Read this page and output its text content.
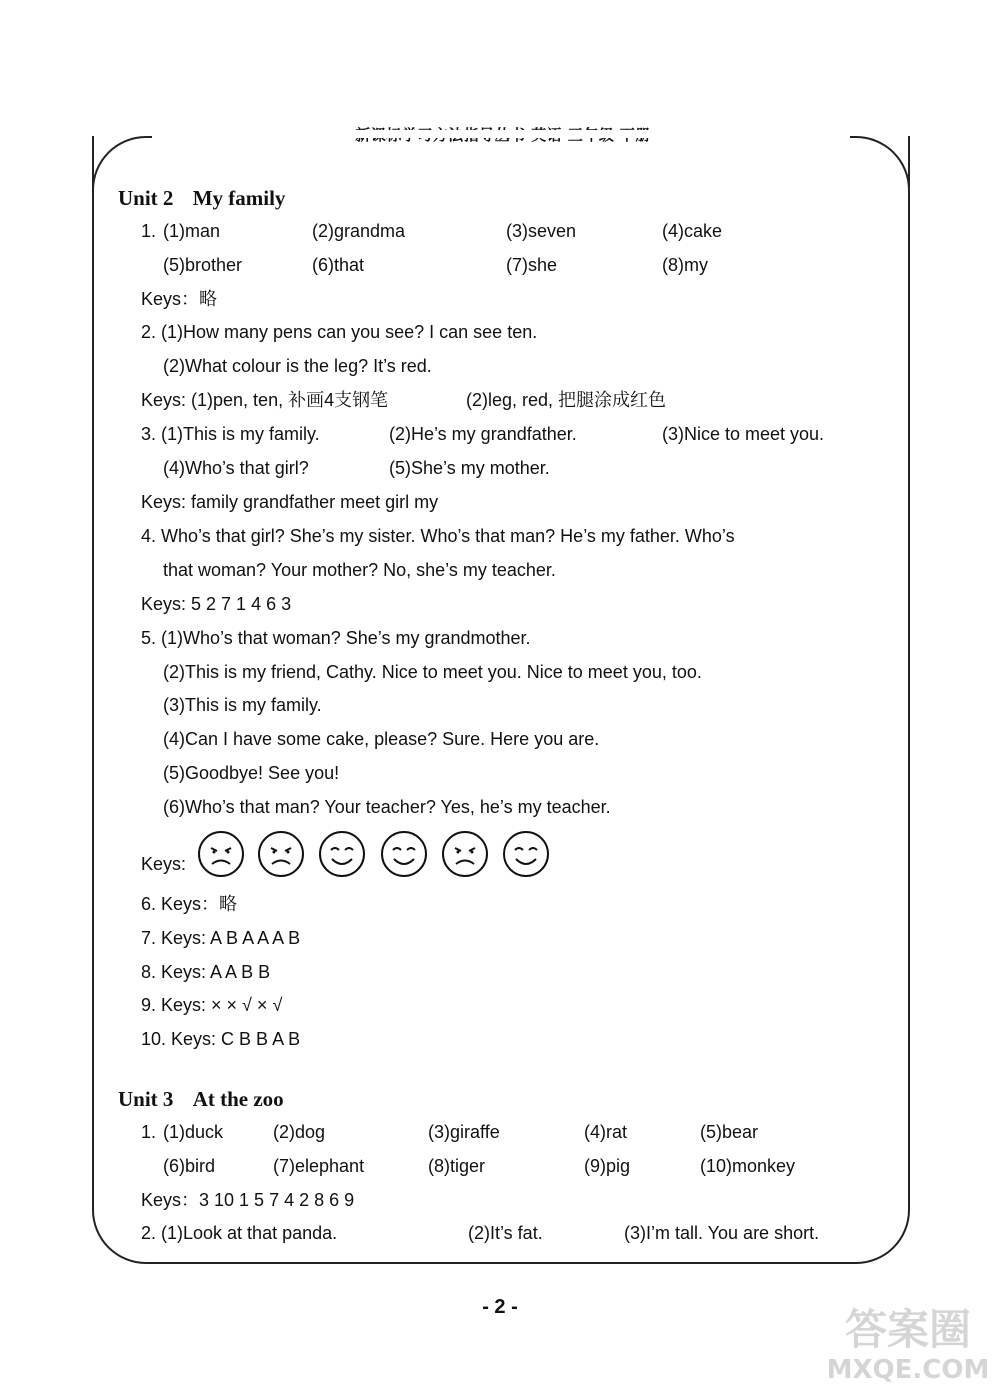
Unit 2 My family
1. (1)man	(2)grandma	(3)seven	(4)cake
(5)brother	(6)that	(7)she	(8)my
Keys：略
2. (1)How many pens can you see? I can see ten.
(2)What colour is the leg? It’s red.
Keys: (1)pen, ten, 补画4支钢笔	(2)leg, red, 把腿涂成红色
3. (1)This is my family.	(2)He’s my grandfather.	(3)Nice to meet you.
(4)Who’s that girl?	(5)She’s my mother.
Keys: family grandfather meet girl my
4. Who’s that girl? She’s my sister. Who’s that man? He’s my father. Who’s
that woman? Your mother? No, she’s my teacher.
Keys: 5 2 7 1 4 6 3
5. (1)Who’s that woman? She’s my grandmother.
(2)This is my friend, Cathy. Nice to meet you. Nice to meet you, too.
(3)This is my family.
(4)Can I have some cake, please? Sure. Here you are.
(5)Goodbye! See you!
(6)Who’s that man? Your teacher? Yes, he’s my teacher.
Keys:
6. Keys：略
7. Keys: A B A A A B
8. Keys: A A B B
9. Keys: × × √ × √
10. Keys: C B B A B
Unit 3 At the zoo
1. (1)duck	(2)dog	(3)giraffe	(4)rat	(5)bear
(6)bird	(7)elephant	(8)tiger	(9)pig	(10)monkey
Keys：3 10 1 5 7 4 2 8 6 9
2. (1)Look at that panda.	(2)It’s fat.	(3)I’m tall. You are short.
- 2 -	答案圈
MXQE.COM
